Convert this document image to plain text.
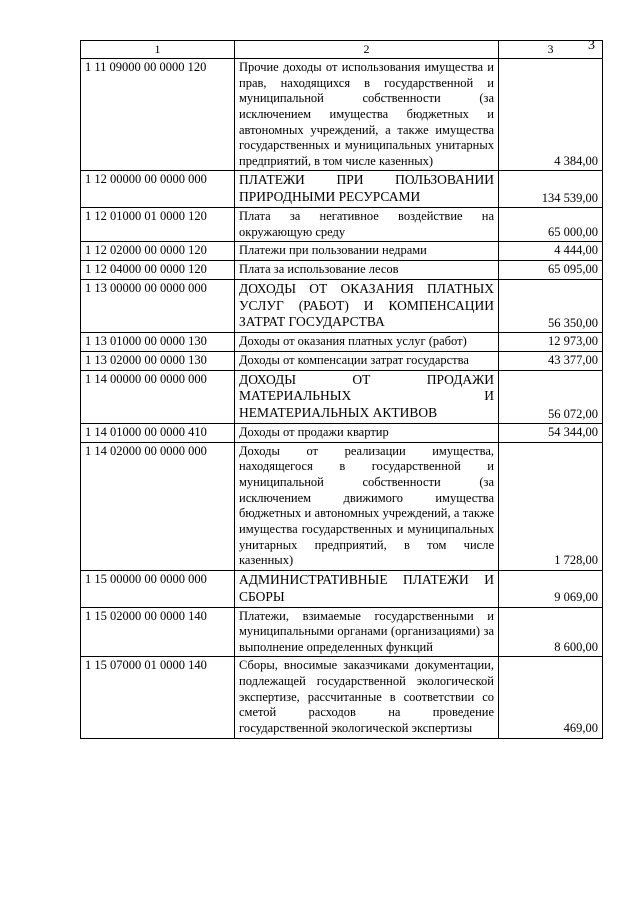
3
1	2	3
1 11 09000 00 0000 120	Прочие доходы от использования имущества и прав, находящихся в государственной и муниципальной собственности (за исключением имущества бюджетных и автономных учреждений, а также имущества государственных и муниципальных унитарных предприятий, в том числе казенных)	4 384,00
1 12 00000 00 0000 000	ПЛАТЕЖИ ПРИ ПОЛЬЗОВАНИИ ПРИРОДНЫМИ РЕСУРСАМИ	134 539,00
1 12 01000 01 0000 120	Плата за негативное воздействие на окружающую среду	65 000,00
1 12 02000 00 0000 120	Платежи при пользовании недрами	4 444,00
1 12 04000 00 0000 120	Плата за использование лесов	65 095,00
1 13 00000 00 0000 000	ДОХОДЫ ОТ ОКАЗАНИЯ ПЛАТНЫХ УСЛУГ (РАБОТ) И КОМПЕНСАЦИИ ЗАТРАТ ГОСУДАРСТВА	56 350,00
1 13 01000 00 0000 130	Доходы от оказания платных услуг (работ)	12 973,00
1 13 02000 00 0000 130	Доходы от компенсации затрат государства	43 377,00
1 14 00000 00 0000 000	ДОХОДЫ ОТ ПРОДАЖИ МАТЕРИАЛЬНЫХ И НЕМАТЕРИАЛЬНЫХ АКТИВОВ	56 072,00
1 14 01000 00 0000 410	Доходы от продажи квартир	54 344,00
1 14 02000 00 0000 000	Доходы от реализации имущества, находящегося в государственной и муниципальной собственности (за исключением движимого имущества бюджетных и автономных учреждений, а также имущества государственных и муниципальных унитарных предприятий, в том числе казенных)	1 728,00
1 15 00000 00 0000 000	АДМИНИСТРАТИВНЫЕ ПЛАТЕЖИ И СБОРЫ	9 069,00
1 15 02000 00 0000 140	Платежи, взимаемые государственными и муниципальными органами (организациями) за выполнение определенных функций	8 600,00
1 15 07000 01 0000 140	Сборы, вносимые заказчиками документации, подлежащей государственной экологической экспертизе, рассчитанные в соответствии со сметой расходов на проведение государственной экологической экспертизы	469,00
